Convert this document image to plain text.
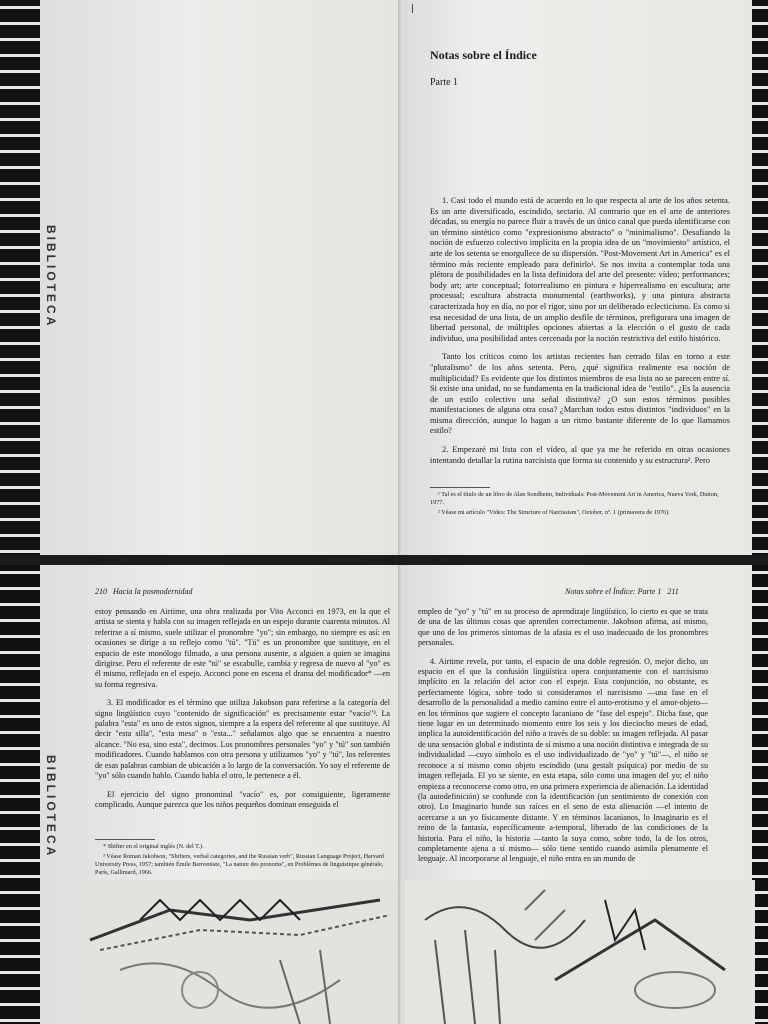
BIBLIOTECA
Notas sobre el Índice
Parte 1

1. Casi todo el mundo está de acuerdo en lo que respecta al arte de los años setenta. Es un arte diversificado, escindido, sectario. Al contrario que en el arte de anteriores décadas, su energía no parece fluir a través de un único canal que pueda identificarse con un término sintético como "expresionismo abstracto" o "minimalismo". Desafiando la noción de esfuerzo colectivo implícita en la propia idea de un "movimiento" artístico, el arte de los setenta se enorgullece de su dispersión. "Post-Movement Art in America" es el término más reciente empleado para definirlo¹. Se nos invita a contemplar toda una plétora de posibilidades en la lista definidora del arte del presente: vídeo; performances; body art; arte conceptual; fotorrealismo en pintura e hiperrealismo en escultura; arte procesual; escultura abstracta monumental (earthworks), y una pintura abstracta caracterizada hoy en día, no por el rigor, sino por un deliberado eclecticismo. Es como si esa necesidad de una lista, de un amplio desfile de términos, prefigurara una imagen de libertad personal, de múltiples opciones abiertas a la elección o el gusto de cada individuo, una posibilidad antes cercenada por la noción restrictiva del estilo histórico.

Tanto los críticos como los artistas recientes han cerrado filas en torno a este "pluralismo" de los años setenta. Pero, ¿qué significa realmente esa noción de multiplicidad? Es evidente que los distintos miembros de esa lista no se parecen entre sí. Si existe una unidad, no se fundamenta en la tradicional idea de "estilo". ¿Es la ausencia de un estilo colectivo una señal distintiva? ¿O son estos términos posibles manifestaciones de alguna otra cosa? ¿Marchan todos estos distintos "individuos" en la misma dirección, aunque lo hagan a un ritmo bastante diferente de lo que llamamos estilo?

2. Empezaré mi lista con el vídeo, al que ya me he referido en otras ocasiones intentando detallar la rutina narcisista que forma su contenido y su estructura². Pero

¹ Tal es el título de un libro de Alan Sondheim, Individuals: Post-Movement Art in America, Nueva York, Dutton, 1977.

² Véase mi artículo "Video: The Structure of Narcissism", October, nº. 1 (primavera de 1976).

BIBLIOTECA
210 Hacia la posmodernidad	Notas sobre el Índice: Parte 1 211

estoy pensando en Airtime, una obra realizada por Vito Acconci en 1973, en la que el artista se sienta y habla con su imagen reflejada en un espejo durante cuarenta minutos. Al referirse a sí mismo, suele utilizar el pronombre "yo"; sin embargo, no siempre es así: en ocasiones se dirige a su reflejo como "tú". "Tú" es un pronombre que sustituye, en el espacio de este monólogo filmado, a una persona ausente, a alguien a quien se imagina dirigirse. Pero el referente de este "tú" se escabulle, cambia y regresa de nuevo al "yo" es él mismo, reflejado en el espejo. Acconci pone en escena el drama del modificador* —en su forma regresiva.

3. El modificador es el término que utiliza Jakobson para referirse a la categoría del signo lingüístico cuyo "contenido de significación" es precisamente estar "vacío"³. La palabra "esta" es uno de estos signos, siempre a la espera del referente al que sustituye. Al decir "esta silla", "esta mesa" o "esta..." señalamos algo que se encuentra a nuestro alcance. "No esa, sino esta", decimos. Los pronombres personales "yo" y "tú" son también modificadores. Cuando hablamos con otra persona y utilizamos "yo" y "tú", los referentes de esas palabras cambian de ubicación a lo largo de la conversación. Yo soy el referente de "yo" sólo cuando hablo. Cuando habla el otro, le pertenece a él.

El ejercicio del signo pronominal "vacío" es, por consiguiente, ligeramente complicado. Aunque parezca que los niños pequeños dominan enseguida el

* Shifter en el original inglés (N. del T.).

³ Véase Roman Jakobson, "Shifters, verbal categories, and the Russian verb", Russian Language Project, Harvard University Press, 1957; también Émile Benveniste, "La nature des pronoms", en Problèmes de linguistique générale, París, Gallimard, 1966.

empleo de "yo" y "tú" en su proceso de aprendizaje lingüístico, lo cierto es que se trata de una de las últimas cosas que aprenden correctamente. Jakobson afirma, así mismo, que uno de los primeros síntomas de la afasia es el uso inadecuado de los pronombres personales.

4. Airtime revela, por tanto, el espacio de una doble regresión. O, mejor dicho, un espacio en el que la confusión lingüística opera conjuntamente con el narcisismo implícito en la relación del actor con el espejo. Esta conjunción, no obstante, es perfectamente lógica, sobre todo si consideramos el narcisismo —una fase en el desarrollo de la personalidad a medio camino entre el auto-erotismo y el amor-objeto— en los términos que sugiere el concepto lacaniano de "fase del espejo". Dicha fase, que tiene lugar en un determinado momento entre los seis y los dieciocho meses de edad, implica la autoidentificación del niño a través de su doble: su imagen reflejada. Al pasar de una sensación global e indistinta de sí mismo a una noción distintiva e integrada de su individualidad —cuyo símbolo es el uso individualizado de "yo" y "tú"—, el niño se reconoce a sí mismo como objeto escindido (una gestalt psíquica) por medio de su imagen reflejada. El yo se siente, en esta etapa, sólo como una imagen del yo; el niño empieza a reconocerse como otro, en una primera experiencia de alienación. La identidad (la autodefinición) se confunde con la identificación (un sentimiento de conexión con otro). Lo Imaginario hunde sus raíces en el seno de esta alienación —el intento de acercarse a un yo físicamente distante. Y en términos lacanianos, lo Imaginario es el reino de la fantasía, específicamente a-temporal, liberado de las condiciones de la historia. Para el niño, la historia —tanto la suya como, sobre todo, la de los otros, completamente ajena a sí mismo— sólo tiene sentido cuando asimila plenamente el lenguaje. Al incorporarse al lenguaje, el niño entra en un mundo de
